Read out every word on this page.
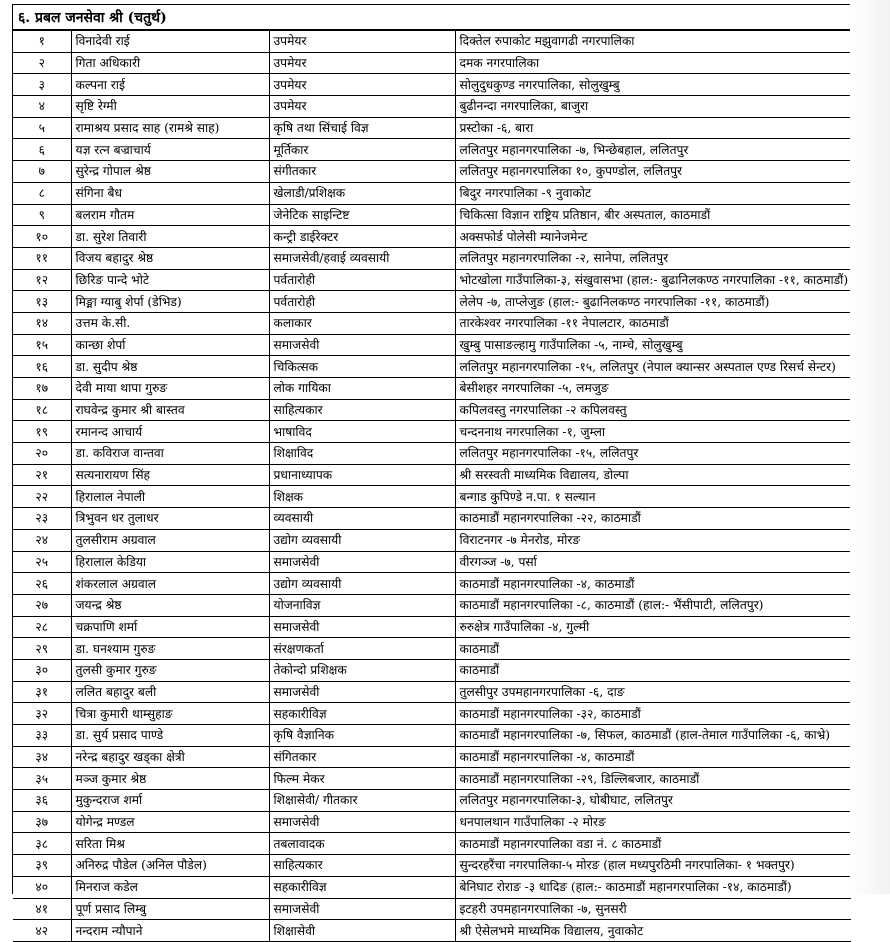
६. प्रबल जनसेवा श्री (चतुर्थ)
१	विनादेवी राई	उपमेयर	दिक्तेल रुपाकोट मझुवागढी नगरपालिका
२	गिता अधिकारी	उपमेयर	दमक नगरपालिका
३	कल्पना राई	उपमेयर	सोलुदुधकुण्ड नगरपालिका, सोलुखुम्बु
४	सृष्टि रेग्मी	उपमेयर	बुढीनन्दा नगरपालिका, बाजुरा
५	रामाश्रय प्रसाद साह (रामश्रे साह)	कृषि तथा सिंचाई विज्ञ	प्रस्टोका -६, बारा
६	यज्ञ रत्न बज्राचार्य	मूर्तिकार	ललितपुर महानगरपालिका -७, भिन्छेबहाल, ललितपुर
७	सुरेन्द्र गोपाल श्रेष्ठ	संगीतकार	ललितपुर महानगरपालिका १०, कुपण्डोल, ललितपुर
८	संगिना बैध	खेलाडी/प्रशिक्षक	बिदुर नगरपालिका -९ नुवाकोट
९	बलराम गौतम	जेनेटिक साइन्टिष्ट	चिकित्सा विज्ञान राष्ट्रिय प्रतिष्ठान, बीर अस्पताल, काठमाडौं
१०	डा. सुरेश तिवारी	कन्ट्री डाईरेक्टर	अक्सफोर्ड पोलेसी म्यानेजमेन्ट
११	विजय बहादुर श्रेष्ठ	समाजसेवी/हवाई व्यवसायी	ललितपुर महानगरपालिका -२, सानेपा, ललितपुर
१२	छिरिङ पान्दे भोटे	पर्वतारोही	भोटखोला गाउँपालिका-३, संखुवासभा (हाल:- बुढानिलकण्ठ नगरपालिका -११, काठमाडौं)
१३	मिङ्मा ग्याबु शेर्पा (डेभिड)	पर्वतारोही	लेलेप -७, ताप्लेजुङ (हाल:- बुढानिलकण्ठ नगरपालिका -११, काठमाडौं)
१४	उत्तम के.सी.	कलाकार	तारकेश्वर नगरपालिका -११ नेपालटार, काठमाडौं
१५	कान्छा शेर्पा	समाजसेवी	खुम्बु पासाङल्हामु गाउँपालिका -५, नाम्चे, सोलुखुम्बु
१६	डा. सुदीप श्रेष्ठ	चिकित्सक	ललितपुर महानगरपालिका -१५, ललितपुर (नेपाल क्यान्सर अस्पताल एण्ड रिसर्च सेन्टर)
१७	देवी माया थापा गुरुङ	लोक गायिका	बेसीशहर नगरपालिका -५, लमजुङ
१८	राघवेन्द्र कुमार श्री बास्तव	साहित्यकार	कपिलवस्तु नगरपालिका -२ कपिलवस्तु
१९	रमानन्द आचार्य	भाषाविद	चन्दननाथ नगरपालिका -१, जुम्ला
२०	डा. कविराज वान्तवा	शिक्षाविद	ललितपुर महानगरपालिका -१५, ललितपुर
२१	सत्यनारायण सिंह	प्रधानाध्यापक	श्री सरस्वती माध्यमिक विद्यालय, डोल्पा
२२	हिरालाल नेपाली	शिक्षक	बन्गाड कुपिण्डे न.पा. १ सल्यान
२३	त्रिभुवन धर तुलाधर	व्यवसायी	काठमाडौं महानगरपालिका -२२, काठमाडौं
२४	तुलसीराम अग्रवाल	उद्योग व्यवसायी	विराटनगर -७ मेनरोड, मोरङ
२५	हिरालाल केडिया	समाजसेवी	वीरगञ्ज -७, पर्सा
२६	शंकरलाल अग्रवाल	उद्योग व्यवसायी	काठमाडौं महानगरपालिका -४, काठमाडौं
२७	जयन्द्र श्रेष्ठ	योजनाविज्ञ	काठमाडौं महानगरपालिका -८, काठमाडौं (हाल:- भैंसीपाटी, ललितपुर)
२८	चक्रपाणि शर्मा	समाजसेवी	रुरुक्षेत्र गाउँपालिका -४, गुल्मी
२९	डा. घनश्याम गुरुङ	संरक्षणकर्ता	काठमाडौं
३०	तुलसी कुमार गुरुङ	तेकोन्दो प्रशिक्षक	काठमाडौं
३१	ललित बहादुर बली	समाजसेवी	तुलसीपुर उपमहानगरपालिका -६, दाङ
३२	चित्रा कुमारी थाम्सुहाङ	सहकारीविज्ञ	काठमाडौं महानगरपालिका -३२, काठमाडौं
३३	डा. सुर्य प्रसाद पाण्डे	कृषि वैज्ञानिक	काठमाडौं महानगरपालिका -७, सिफल, काठमाडौं (हाल-तेमाल गाउँपालिका -६, काभ्रे)
३४	नरेन्द्र बहादुर खड्का क्षेत्री	संगितकार	काठमाडौं महानगरपालिका -४, काठमाडौं
३५	मञ्ज कुमार श्रेष्ठ	फिल्म मेकर	काठमाडौं महानगरपालिका -२९, डिल्लिबजार, काठमाडौं
३६	मुकुन्दराज शर्मा	शिक्षासेवी/ गीतकार	ललितपुर महानगरपालिका-३, घोबीघाट, ललितपुर
३७	योगेन्द्र मण्डल	समाजसेवी	धनपालथान गाउँपालिका -२ मोरङ
३८	सरिता मिश्र	तबलावादक	काठमाडौं महानगरपालिका वडा नं. ८ काठमाडौं
३९	अनिरुद्र पौडेल (अनिल पौडेल)	साहित्यकार	सुन्दरहरैंचा नगरपालिका-५ मोरङ (हाल मध्यपुरठिमी नगरपालिका- १ भक्तपुर)
४०	मिनराज कडेल	सहकारीविज्ञ	बेनिघाट रोराङ -३ धादिङ (हाल:- काठमाडौं महानगरपालिका -१४, काठमाडौं)
४१	पूर्ण प्रसाद लिम्बु	समाजसेवी	इटहरी उपमहानगरपालिका -७, सुनसरी
४२	नन्दराम न्यौपाने	शिक्षासेवी	श्री ऐसेलभमे माध्यमिक विद्यालय, नुवाकोट
